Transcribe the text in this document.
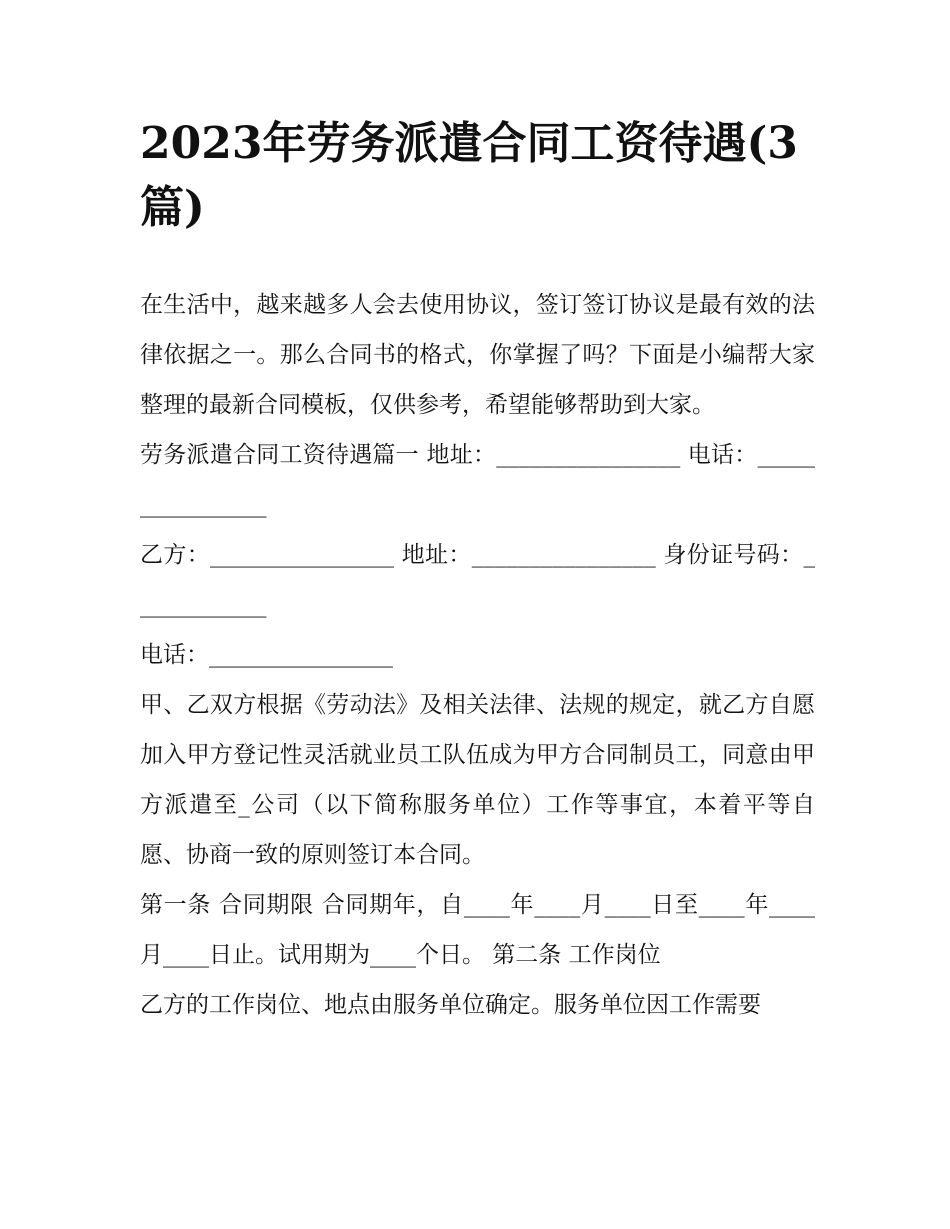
2023年劳务派遣合同工资待遇(3篇)

在生活中，越来越多人会去使用协议，签订签订协议是最有效的法律依据之一。那么合同书的格式，你掌握了吗？下面是小编帮大家整理的最新合同模板，仅供参考，希望能够帮助到大家。

劳务派遣合同工资待遇篇一 地址：________________ 电话：________________

乙方：________________ 地址：________________ 身份证号码：____________

电话：________________

甲、乙双方根据《劳动法》及相关法律、法规的规定，就乙方自愿加入甲方登记性灵活就业员工队伍成为甲方合同制员工，同意由甲方派遣至_公司（以下简称服务单位）工作等事宜，本着平等自愿、协商一致的原则签订本合同。

第一条 合同期限 合同期年，自____年____月____日至____年____月____日止。试用期为____个日。 第二条 工作岗位

乙方的工作岗位、地点由服务单位确定。服务单位因工作需要
